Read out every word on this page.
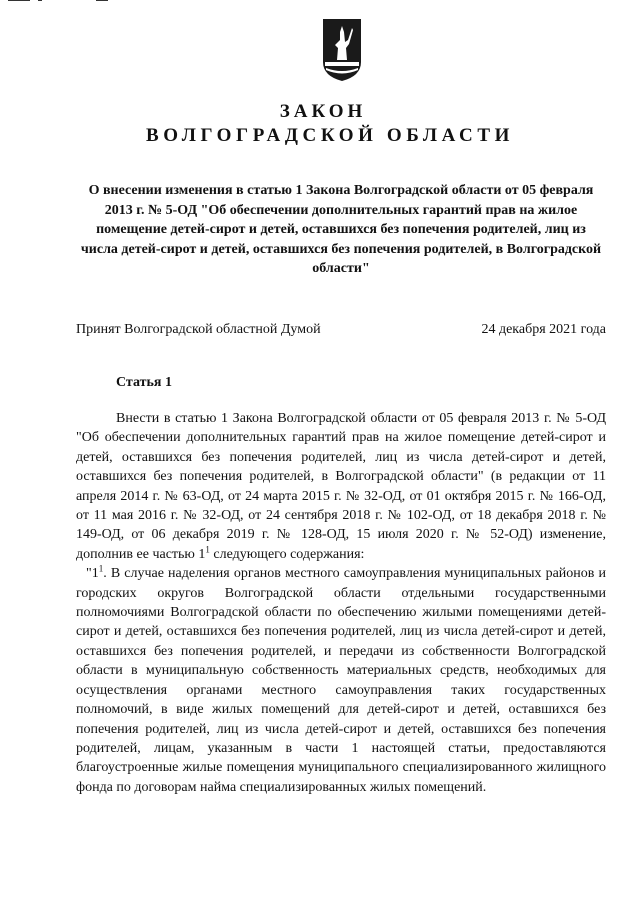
ЗАКОН
ВОЛГОГРАДСКОЙ ОБЛАСТИ
О внесении изменения в статью 1 Закона Волгоградской области от 05 февраля 2013 г. № 5-ОД "Об обеспечении дополнительных гарантий прав на жилое помещение детей-сирот и детей, оставшихся без попечения родителей, лиц из числа детей-сирот и детей, оставшихся без попечения родителей, в Волгоградской области"
Принят Волгоградской областной Думой	24 декабря 2021 года
Статья 1

Внести в статью 1 Закона Волгоградской области от 05 февраля 2013 г. № 5-ОД "Об обеспечении дополнительных гарантий прав на жилое помещение детей-сирот и детей, оставшихся без попечения родителей, лиц из числа детей-сирот и детей, оставшихся без попечения родителей, в Волгоградской области" (в редакции от 11 апреля 2014 г. № 63-ОД, от 24 марта 2015 г. № 32-ОД, от 01 октября 2015 г. № 166-ОД, от 11 мая 2016 г. № 32-ОД, от 24 сентября 2018 г. № 102-ОД, от 18 декабря 2018 г. № 149-ОД, от 06 декабря 2019 г. № 128-ОД, 15 июля 2020 г. № 52-ОД) изменение, дополнив ее частью $1^1$ следующего содержания:

"$1^1$. В случае наделения органов местного самоуправления муниципальных районов и городских округов Волгоградской области отдельными государственными полномочиями Волгоградской области по обеспечению жилыми помещениями детей-сирот и детей, оставшихся без попечения родителей, лиц из числа детей-сирот и детей, оставшихся без попечения родителей, и передачи из собственности Волгоградской области в муниципальную собственность материальных средств, необходимых для осуществления органами местного самоуправления таких государственных полномочий, в виде жилых помещений для детей-сирот и детей, оставшихся без попечения родителей, лиц из числа детей-сирот и детей, оставшихся без попечения родителей, лицам, указанным в части 1 настоящей статьи, предоставляются благоустроенные жилые помещения муниципального специализированного жилищного фонда по договорам найма специализированных жилых помещений.
